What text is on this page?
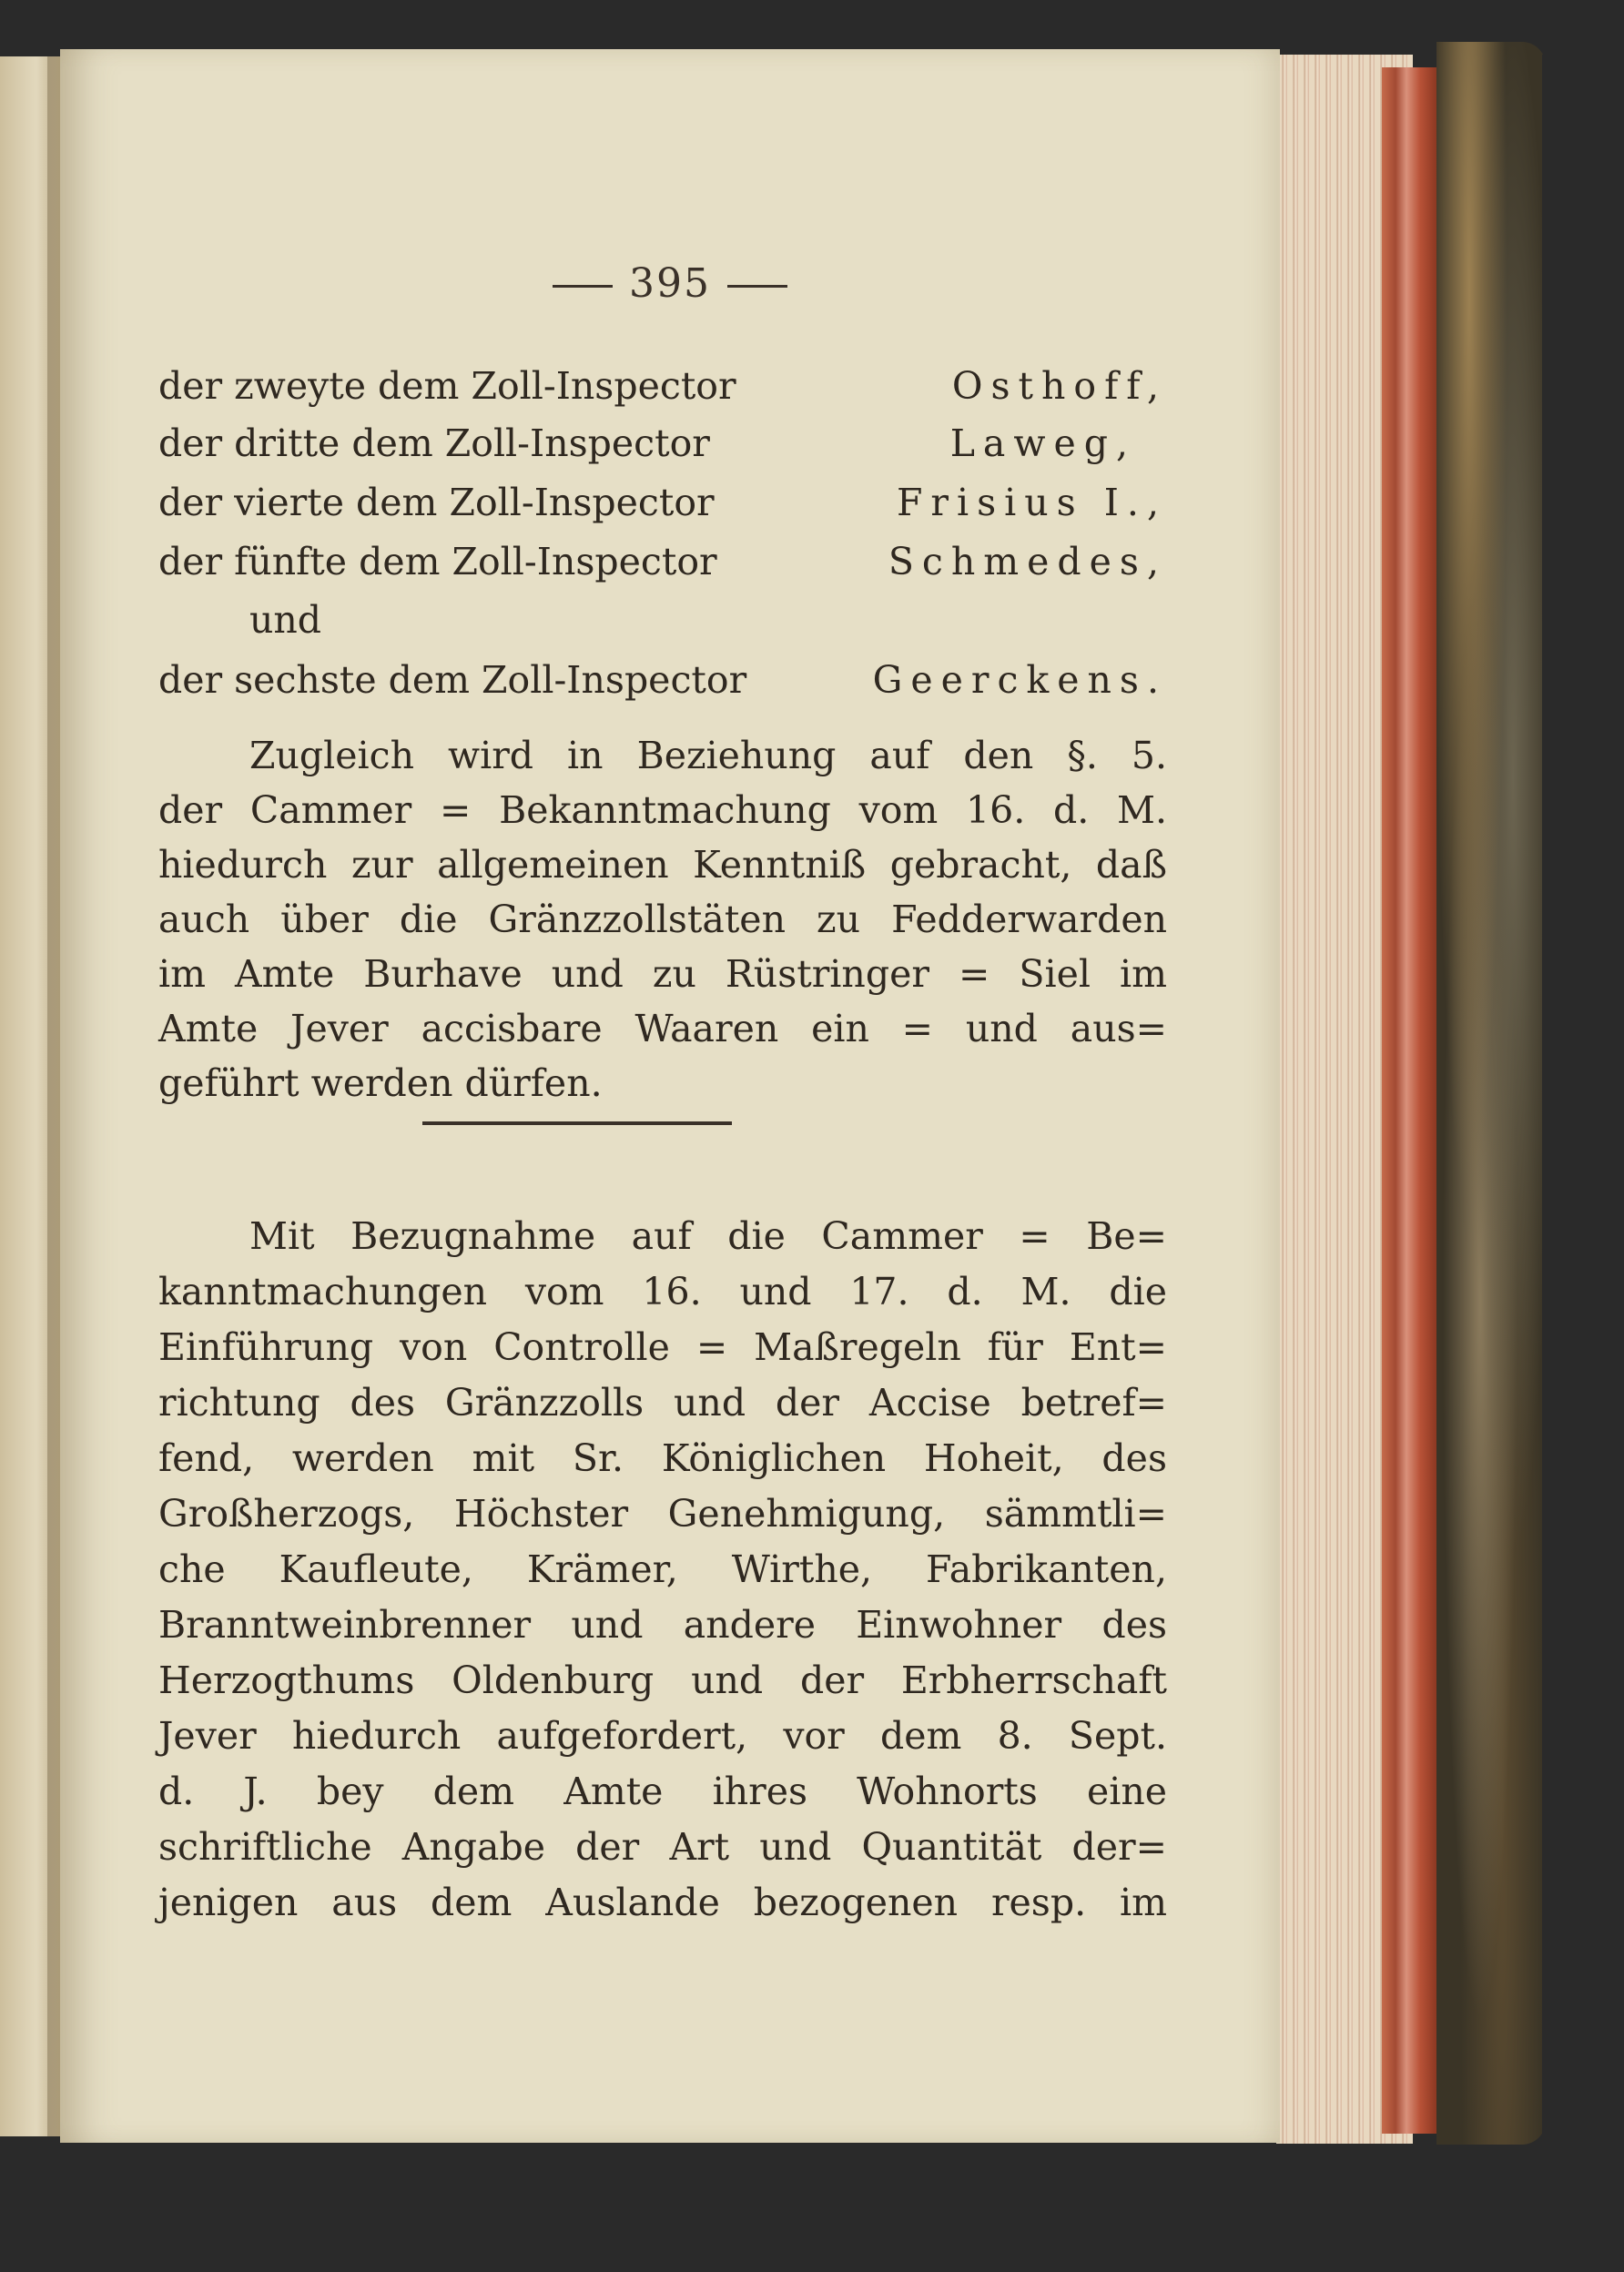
395
der zweyte dem Zoll-Inspector	Osthoff,
der dritte dem Zoll-Inspector	Laweg,
der vierte dem Zoll-Inspector	Frisius I.,
der fünfte dem Zoll-Inspector	Schmedes,
und
der sechste dem Zoll-Inspector	Geerckens.
Zugleich wird in Beziehung auf den §. 5.
der Cammer = Bekanntmachung vom 16. d. M.
hiedurch zur allgemeinen Kenntniß gebracht, daß
auch über die Gränzzollstäten zu Fedderwarden
im Amte Burhave und zu Rüstringer = Siel im
Amte Jever accisbare Waaren ein = und aus=
geführt werden dürfen.
Mit Bezugnahme auf die Cammer = Be=
kanntmachungen vom 16. und 17. d. M. die
Einführung von Controlle = Maßregeln für Ent=
richtung des Gränzzolls und der Accise betref=
fend, werden mit Sr. Königlichen Hoheit, des
Großherzogs, Höchster Genehmigung, sämmtli=
che Kaufleute, Krämer, Wirthe, Fabrikanten,
Branntweinbrenner und andere Einwohner des
Herzogthums Oldenburg und der Erbherrschaft
Jever hiedurch aufgefordert, vor dem 8. Sept.
d. J. bey dem Amte ihres Wohnorts eine
schriftliche Angabe der Art und Quantität der=
jenigen aus dem Auslande bezogenen resp. im
